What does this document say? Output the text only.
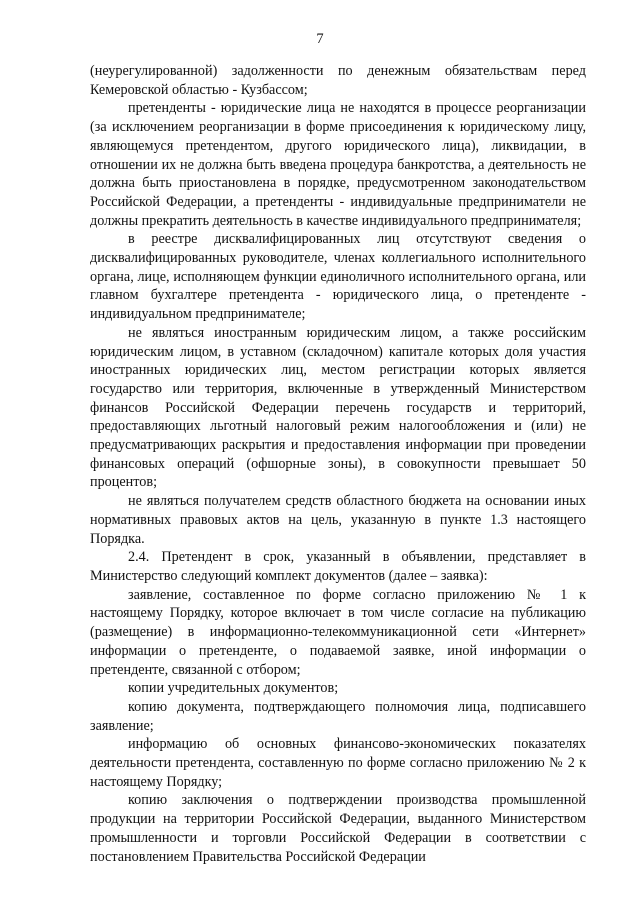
7

(неурегулированной) задолженности по денежным обязательствам перед Кемеровской областью - Кузбассом;

претенденты - юридические лица не находятся в процессе реорганизации (за исключением реорганизации в форме присоединения к юридическому лицу, являющемуся претендентом, другого юридического лица), ликвидации, в отношении их не должна быть введена процедура банкротства, а деятельность не должна быть приостановлена в порядке, предусмотренном законодательством Российской Федерации, а претенденты - индивидуальные предприниматели не должны прекратить деятельность в качестве индивидуального предпринимателя;

в реестре дисквалифицированных лиц отсутствуют сведения о дисквалифицированных руководителе, членах коллегиального исполнительного органа, лице, исполняющем функции единоличного исполнительного органа, или главном бухгалтере претендента - юридического лица, о претенденте - индивидуальном предпринимателе;

не являться иностранным юридическим лицом, а также российским юридическим лицом, в уставном (складочном) капитале которых доля участия иностранных юридических лиц, местом регистрации которых является государство или территория, включенные в утвержденный Министерством финансов Российской Федерации перечень государств и территорий, предоставляющих льготный налоговый режим налогообложения и (или) не предусматривающих раскрытия и предоставления информации при проведении финансовых операций (офшорные зоны), в совокупности превышает 50 процентов;

не являться получателем средств областного бюджета на основании иных нормативных правовых актов на цель, указанную в пункте 1.3 настоящего Порядка.

2.4. Претендент в срок, указанный в объявлении, представляет в Министерство следующий комплект документов (далее – заявка):

заявление, составленное по форме согласно приложению № 1 к настоящему Порядку, которое включает в том числе согласие на публикацию (размещение) в информационно-телекоммуникационной сети «Интернет» информации о претенденте, о подаваемой заявке, иной информации о претенденте, связанной с отбором;

копии учредительных документов;

копию документа, подтверждающего полномочия лица, подписавшего заявление;

информацию об основных финансово-экономических показателях деятельности претендента, составленную по форме согласно приложению № 2 к настоящему Порядку;

копию заключения о подтверждении производства промышленной продукции на территории Российской Федерации, выданного Министерством промышленности и торговли Российской Федерации в соответствии с постановлением Правительства Российской Федерации
